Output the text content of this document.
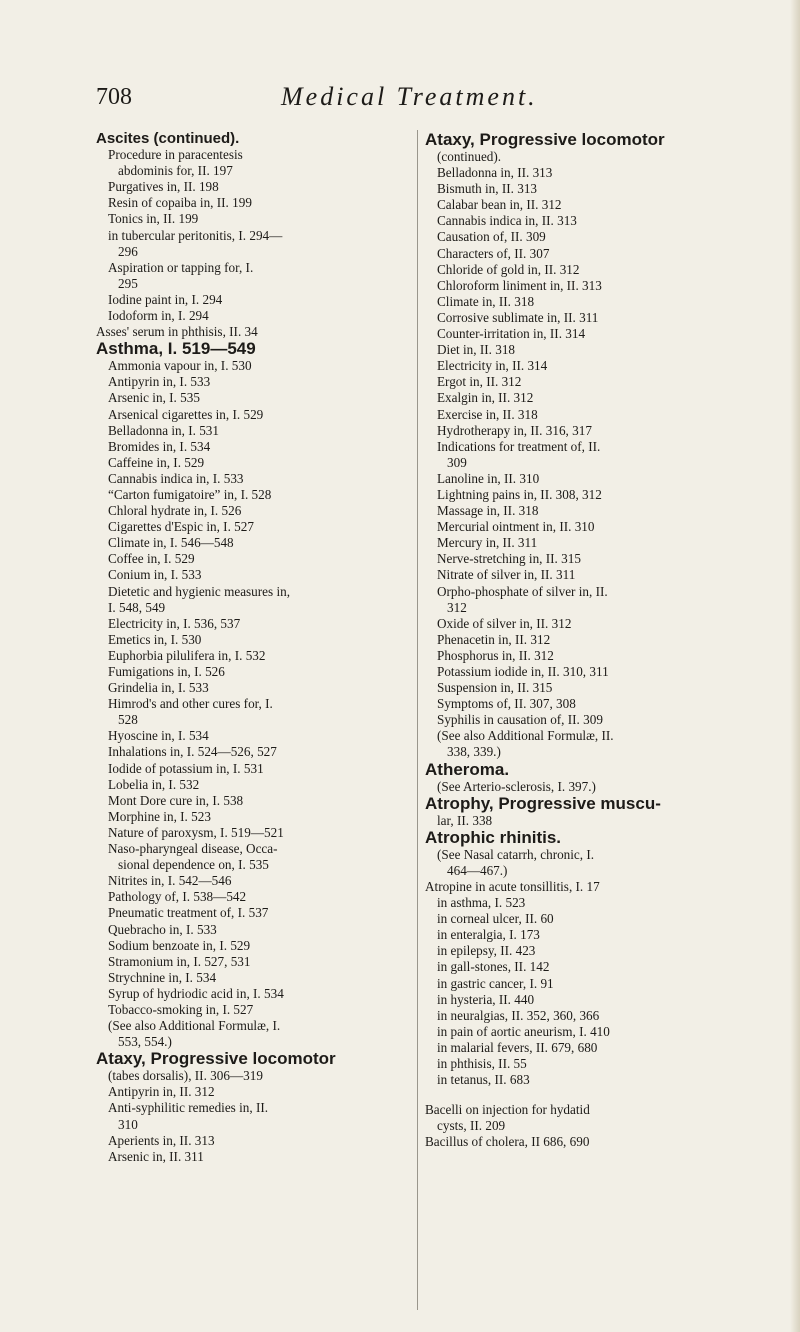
708	Medical Treatment.
Ascites (continued).
Procedure in paracentesis
abdominis for, II. 197
Purgatives in, II. 198
Resin of copaiba in, II. 199
Tonics in, II. 199
in tubercular peritonitis, I. 294—
296
Aspiration or tapping for, I.
295
Iodine paint in, I. 294
Iodoform in, I. 294
Asses' serum in phthisis, II. 34
Asthma, I. 519—549
Ammonia vapour in, I. 530
Antipyrin in, I. 533
Arsenic in, I. 535
Arsenical cigarettes in, I. 529
Belladonna in, I. 531
Bromides in, I. 534
Caffeine in, I. 529
Cannabis indica in, I. 533
“Carton fumigatoire” in, I. 528
Chloral hydrate in, I. 526
Cigarettes d'Espic in, I. 527
Climate in, I. 546—548
Coffee in, I. 529
Conium in, I. 533
Dietetic and hygienic measures in,
I. 548, 549
Electricity in, I. 536, 537
Emetics in, I. 530
Euphorbia pilulifera in, I. 532
Fumigations in, I. 526
Grindelia in, I. 533
Himrod's and other cures for, I.
528
Hyoscine in, I. 534
Inhalations in, I. 524—526, 527
Iodide of potassium in, I. 531
Lobelia in, I. 532
Mont Dore cure in, I. 538
Morphine in, I. 523
Nature of paroxysm, I. 519—521
Naso-pharyngeal disease, Occa-
sional dependence on, I. 535
Nitrites in, I. 542—546
Pathology of, I. 538—542
Pneumatic treatment of, I. 537
Quebracho in, I. 533
Sodium benzoate in, I. 529
Stramonium in, I. 527, 531
Strychnine in, I. 534
Syrup of hydriodic acid in, I. 534
Tobacco-smoking in, I. 527
(See also Additional Formulæ, I.
553, 554.)
Ataxy, Progressive locomotor
(tabes dorsalis), II. 306—319
Antipyrin in, II. 312
Anti-syphilitic remedies in, II.
310
Aperients in, II. 313
Arsenic in, II. 311
Ataxy, Progressive locomotor
(continued).
Belladonna in, II. 313
Bismuth in, II. 313
Calabar bean in, II. 312
Cannabis indica in, II. 313
Causation of, II. 309
Characters of, II. 307
Chloride of gold in, II. 312
Chloroform liniment in, II. 313
Climate in, II. 318
Corrosive sublimate in, II. 311
Counter-irritation in, II. 314
Diet in, II. 318
Electricity in, II. 314
Ergot in, II. 312
Exalgin in, II. 312
Exercise in, II. 318
Hydrotherapy in, II. 316, 317
Indications for treatment of, II.
309
Lanoline in, II. 310
Lightning pains in, II. 308, 312
Massage in, II. 318
Mercurial ointment in, II. 310
Mercury in, II. 311
Nerve-stretching in, II. 315
Nitrate of silver in, II. 311
Orpho-phosphate of silver in, II.
312
Oxide of silver in, II. 312
Phenacetin in, II. 312
Phosphorus in, II. 312
Potassium iodide in, II. 310, 311
Suspension in, II. 315
Symptoms of, II. 307, 308
Syphilis in causation of, II. 309
(See also Additional Formulæ, II.
338, 339.)
Atheroma.
(See Arterio-sclerosis, I. 397.)
Atrophy, Progressive muscu-
lar, II. 338
Atrophic rhinitis.
(See Nasal catarrh, chronic, I.
464—467.)
Atropine in acute tonsillitis, I. 17
in asthma, I. 523
in corneal ulcer, II. 60
in enteralgia, I. 173
in epilepsy, II. 423
in gall-stones, II. 142
in gastric cancer, I. 91
in hysteria, II. 440
in neuralgias, II. 352, 360, 366
in pain of aortic aneurism, I. 410
in malarial fevers, II. 679, 680
in phthisis, II. 55
in tetanus, II. 683
Bacelli on injection for hydatid
cysts, II. 209
Bacillus of cholera, II 686, 690
